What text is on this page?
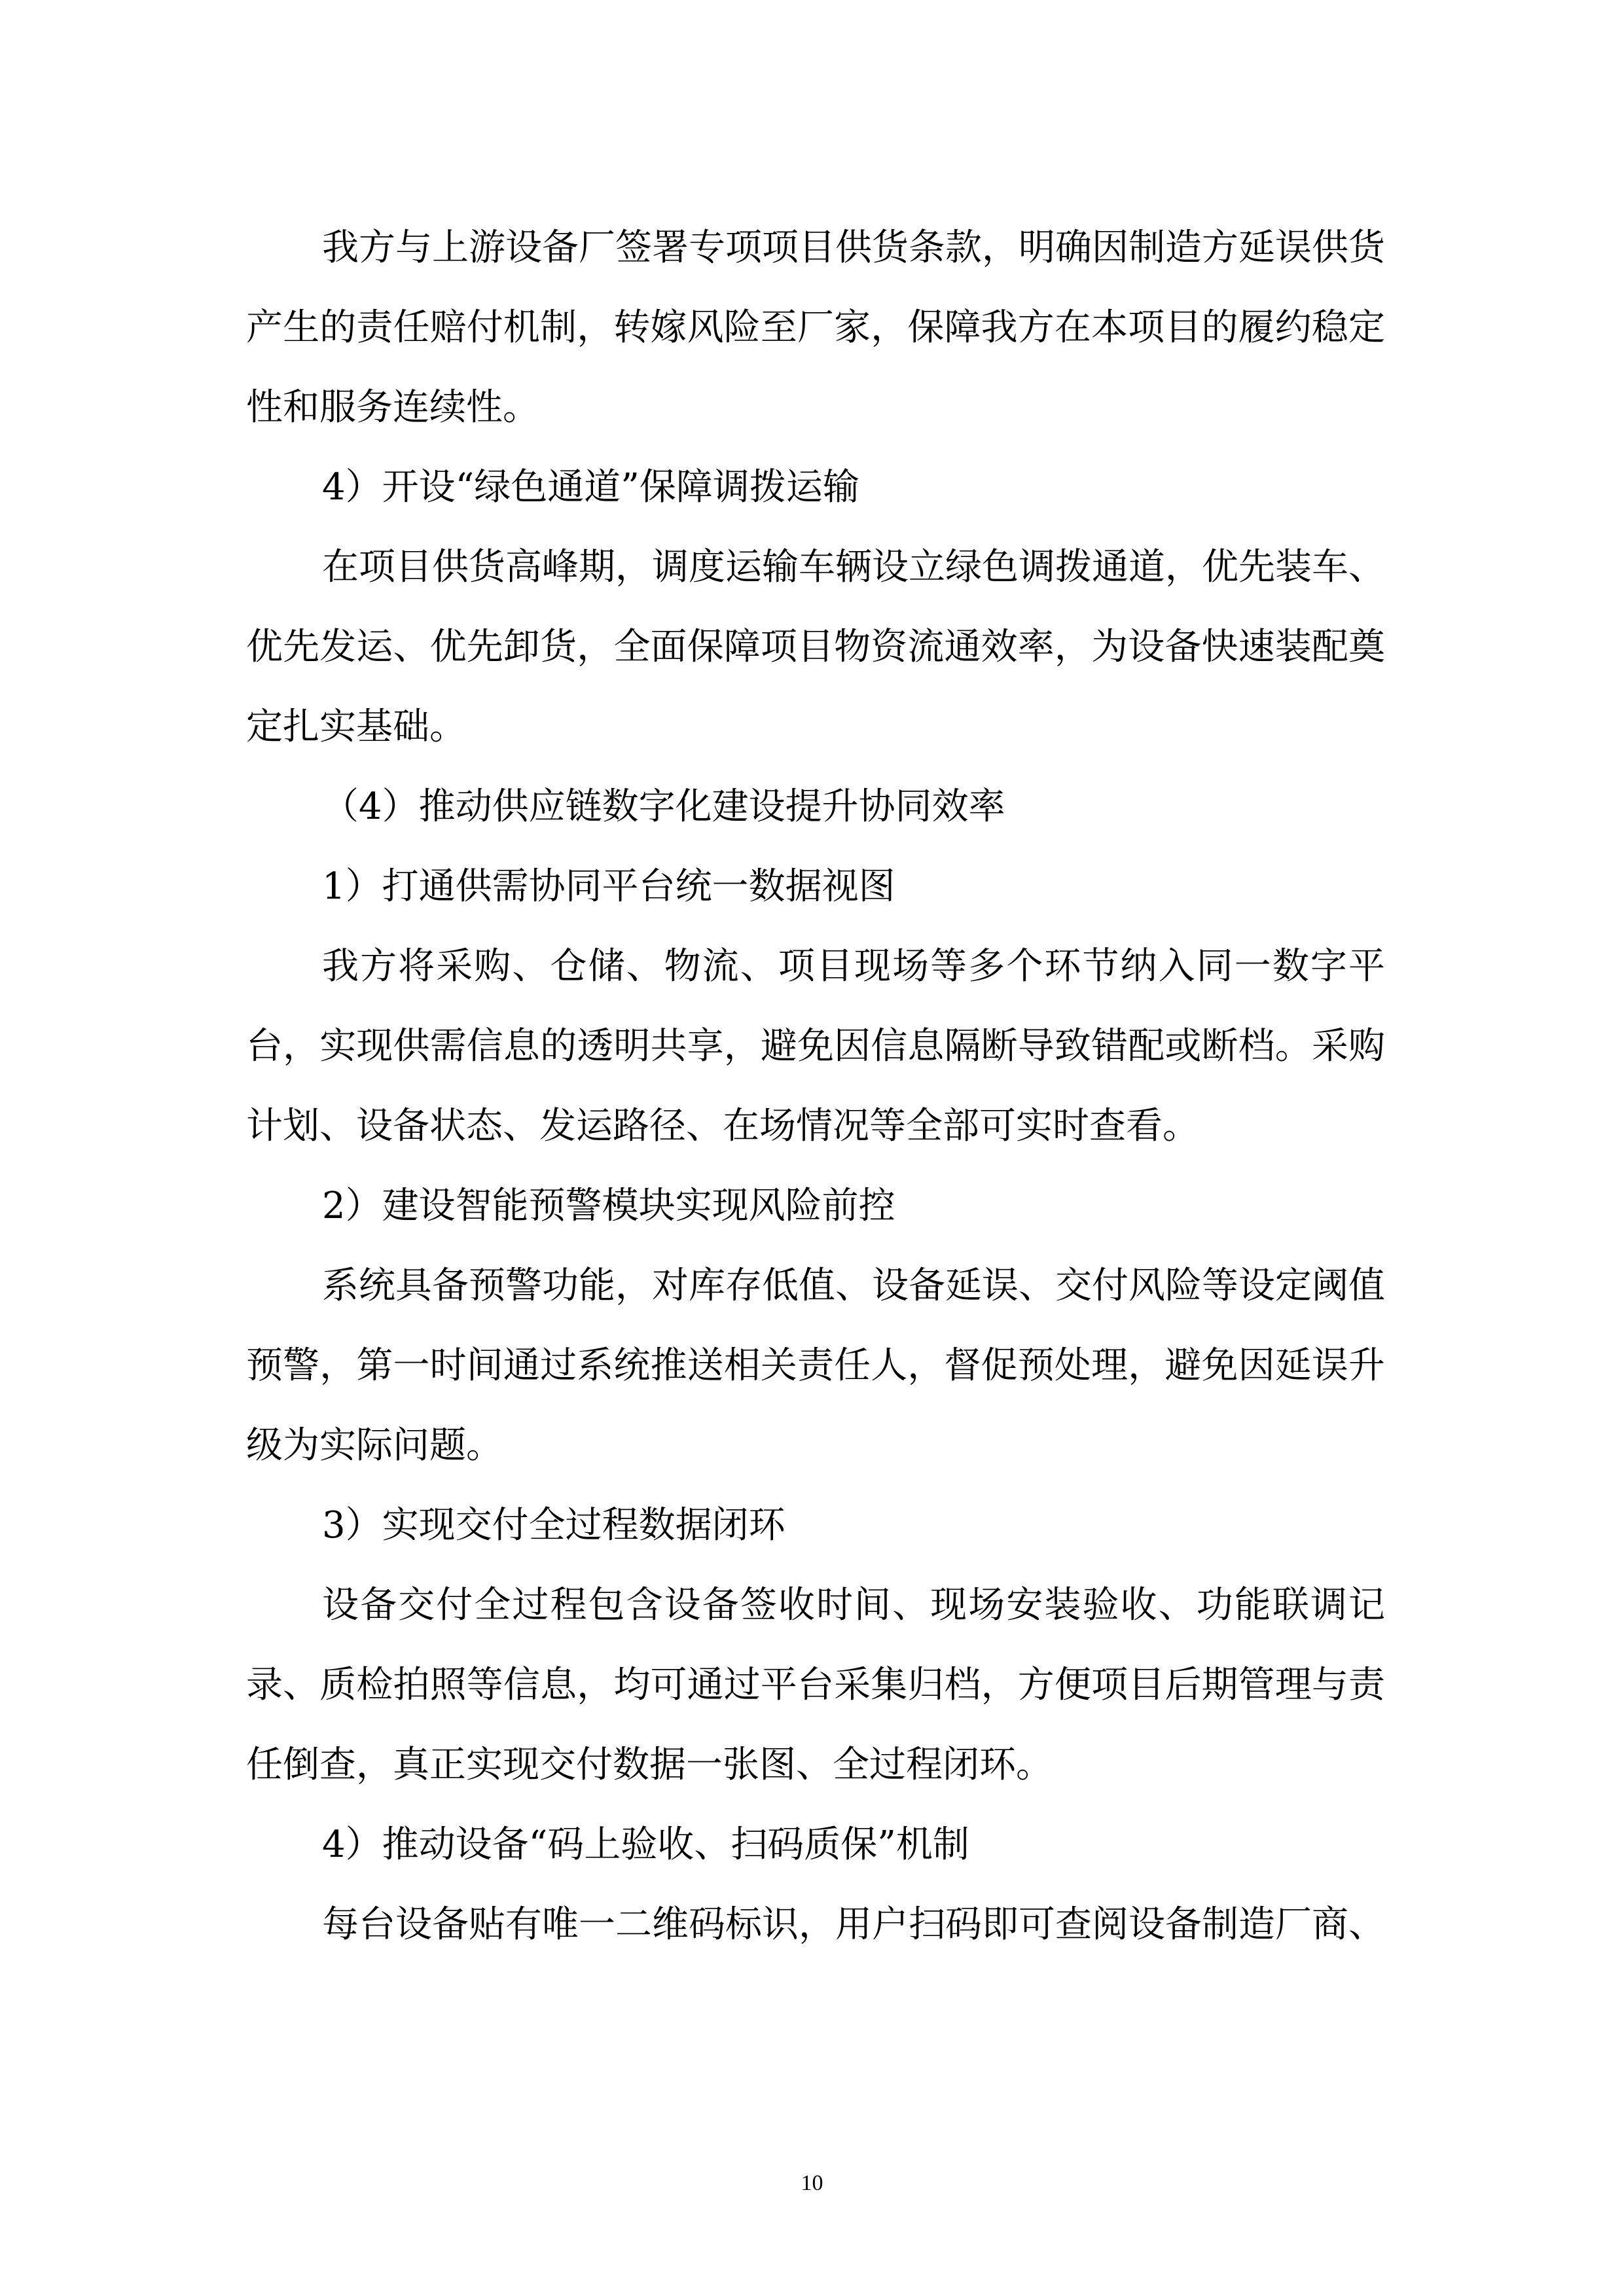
我方与上游设备厂签署专项项目供货条款，明确因制造方延误供货产生的责任赔付机制，转嫁风险至厂家，保障我方在本项目的履约稳定性和服务连续性。

4）开设“绿色通道”保障调拨运输

在项目供货高峰期，调度运输车辆设立绿色调拨通道，优先装车、优先发运、优先卸货，全面保障项目物资流通效率，为设备快速装配奠定扎实基础。

（4）推动供应链数字化建设提升协同效率

1）打通供需协同平台统一数据视图

我方将采购、仓储、物流、项目现场等多个环节纳入同一数字平台，实现供需信息的透明共享，避免因信息隔断导致错配或断档。采购计划、设备状态、发运路径、在场情况等全部可实时查看。

2）建设智能预警模块实现风险前控

系统具备预警功能，对库存低值、设备延误、交付风险等设定阈值预警，第一时间通过系统推送相关责任人，督促预处理，避免因延误升级为实际问题。

3）实现交付全过程数据闭环

设备交付全过程包含设备签收时间、现场安装验收、功能联调记录、质检拍照等信息，均可通过平台采集归档，方便项目后期管理与责任倒查，真正实现交付数据一张图、全过程闭环。

4）推动设备“码上验收、扫码质保”机制

每台设备贴有唯一二维码标识，用户扫码即可查阅设备制造厂商、

10
